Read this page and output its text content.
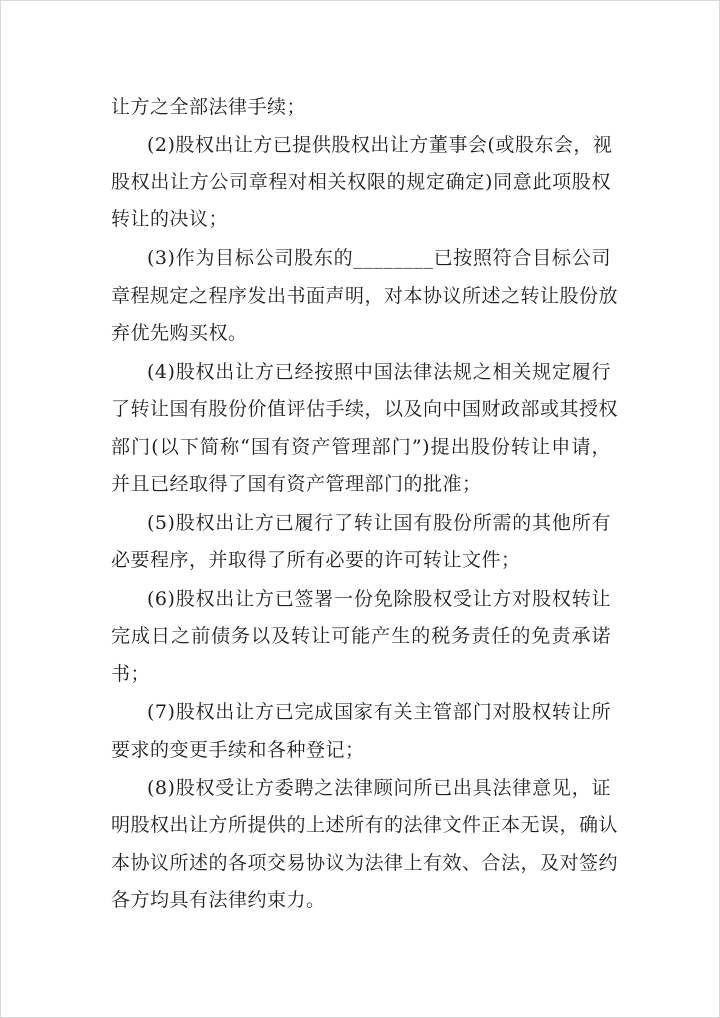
让方之全部法律手续；

(2)股权出让方已提供股权出让方董事会(或股东会，视

股权出让方公司章程对相关权限的规定确定)同意此项股权

转让的决议；

(3)作为目标公司股东的________已按照符合目标公司

章程规定之程序发出书面声明，对本协议所述之转让股份放

弃优先购买权。

(4)股权出让方已经按照中国法律法规之相关规定履行

了转让国有股份价值评估手续，以及向中国财政部或其授权

部门(以下简称“国有资产管理部门”)提出股份转让申请，

并且已经取得了国有资产管理部门的批准；

(5)股权出让方已履行了转让国有股份所需的其他所有

必要程序，并取得了所有必要的许可转让文件；

(6)股权出让方已签署一份免除股权受让方对股权转让

完成日之前债务以及转让可能产生的税务责任的免责承诺

书；

(7)股权出让方已完成国家有关主管部门对股权转让所

要求的变更手续和各种登记；

(8)股权受让方委聘之法律顾问所已出具法律意见，证

明股权出让方所提供的上述所有的法律文件正本无误，确认

本协议所述的各项交易协议为法律上有效、合法，及对签约

各方均具有法律约束力。
